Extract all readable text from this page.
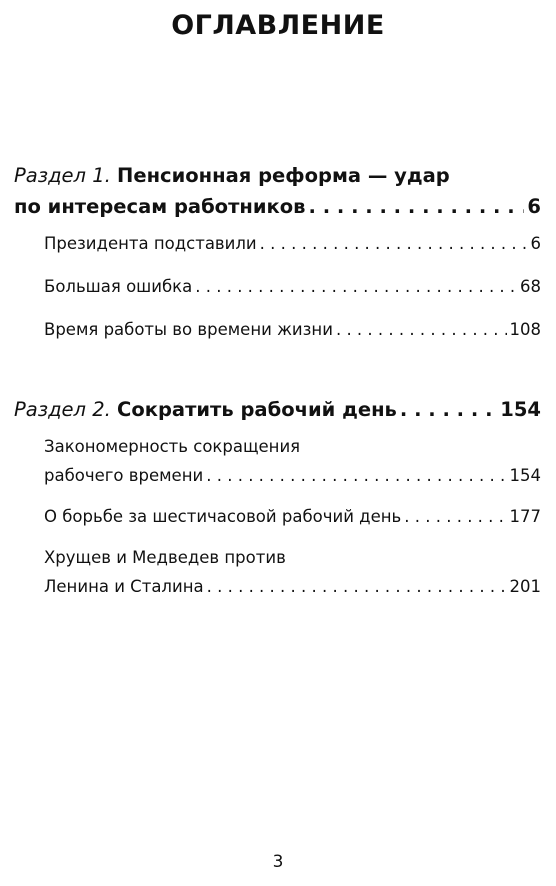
ОГЛАВЛЕНИЕ
Раздел 1.
Пенсионная реформа — удар
по интересам работников . . .	6
Президента подставили . . .	6
Большая ошибка . . .	68
Время работы во времени жизни . . .	108
Раздел 2.
Сократить рабочий день . . .	154
Закономерность сокращения
рабочего времени . . .	154
О борьбе за шестичасовой рабочий день . . .	177
Хрущев и Медведев против
Ленина и Сталина . . .	201
3
